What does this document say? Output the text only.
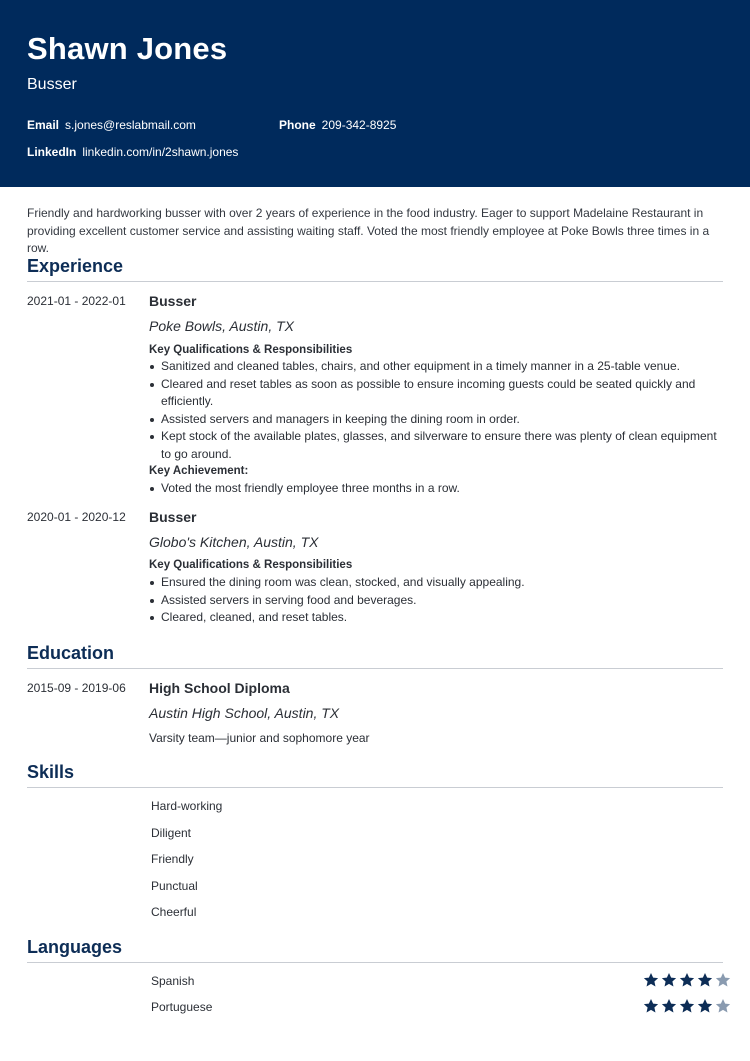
Shawn Jones
Busser
Email s.jones@reslabmail.com	Phone 209-342-8925
LinkedIn linkedin.com/in/2shawn.jones

Friendly and hardworking busser with over 2 years of experience in the food industry. Eager to support Madelaine Restaurant in providing excellent customer service and assisting waiting staff. Voted the most friendly employee at Poke Bowls three times in a row.

Experience
2021-01 - 2022-01 Busser
Poke Bowls, Austin, TX
Key Qualifications & Responsibilities
Sanitized and cleaned tables, chairs, and other equipment in a timely manner in a 25-table venue.
Cleared and reset tables as soon as possible to ensure incoming guests could be seated quickly and efficiently.
Assisted servers and managers in keeping the dining room in order.
Kept stock of the available plates, glasses, and silverware to ensure there was plenty of clean equipment to go around.
Key Achievement:
Voted the most friendly employee three months in a row.
2020-01 - 2020-12 Busser
Globo's Kitchen, Austin, TX
Key Qualifications & Responsibilities
Ensured the dining room was clean, stocked, and visually appealing.
Assisted servers in serving food and beverages.
Cleared, cleaned, and reset tables.
Education
2015-09 - 2019-06 High School Diploma
Austin High School, Austin, TX
Varsity team—junior and sophomore year
Skills
Hard-working
Diligent
Friendly
Punctual
Cheerful
Languages
Spanish
Portuguese
